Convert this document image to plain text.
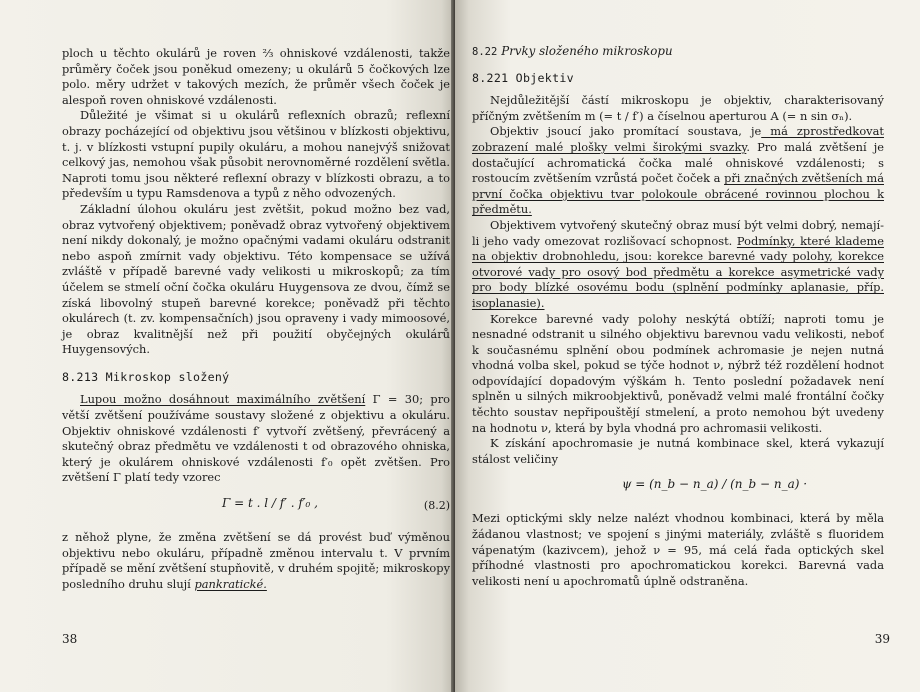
ploch u těchto okulárů je roven ⅔ ohniskové vzdálenosti, takže průměry čoček jsou poněkud omezeny; u okulárů 5 čočkových lze polo. měry udržet v takových mezích, že průměr všech čoček je alespoň roven ohniskové vzdálenosti.

Důležité je všimat si u okulárů reflexních obrazů; reflexní obrazy pocházející od objektivu jsou většinou v blízkosti objektivu, t. j. v blízkosti vstupní pupily okuláru, a mohou nanejvýš snižovat celkový jas, nemohou však působit nerovnoměrné rozdělení světla. Naproti tomu jsou některé reflexní obrazy v blízkosti obrazu, a to především u typu Ramsdenova a typů z něho odvozených.

Základní úlohou okuláru jest zvětšit, pokud možno bez vad, obraz vytvořený objektivem; poněvadž obraz vytvořený objektivem není nikdy dokonalý, je možno opačnými vadami okuláru odstranit nebo aspoň zmírnit vady objektivu. Této kompensace se užívá zvláště v případě barevné vady velikosti u mikroskopů; za tím účelem se stmelí oční čočka okuláru Huygensova ze dvou, čímž se získá libovolný stupeň barevné korekce; poněvadž při těchto okulárech (t. zv. kompensačních) jsou opraveny i vady mimoosové, je obraz kvalitnější než při použití obyčejných okulárů Huygensových.

8.213 Mikroskop složený

Lupou možno dosáhnout maximálního zvětšení Γ = 30; pro větší zvětšení používáme soustavy složené z objektivu a okuláru. Objektiv ohniskové vzdálenosti f′ vytvoří zvětšený, převrácený a skutečný obraz předmětu ve vzdálenosti t od obrazového ohniska, který je okulárem ohniskové vzdálenosti f′₀ opět zvětšen. Pro zvětšení Γ platí tedy vzorec

Γ = t . l / f′ . f′₀ ,	(8.2)

z něhož plyne, že změna zvětšení se dá provést buď výměnou objektivu nebo okuláru, případně změnou intervalu t. V prvním případě se mění zvětšení stupňovitě, v druhém spojitě; mikroskopy posledního druhu slují pankratické.

38
8.22 Prvky složeného mikroskopu
8.221 Objektiv

Nejdůležitější částí mikroskopu je objektiv, charakterisovaný příčným zvětšením m (= t / f′) a číselnou aperturou A (= n sin σₙ).

Objektiv jsoucí jako promítací soustava, je má zprostředkovat zobrazení malé plošky velmi širokými svazky. Pro malá zvětšení je dostačující achromatická čočka malé ohniskové vzdálenosti; s rostoucím zvětšením vzrůstá počet čoček a při značných zvětšeních má první čočka objektivu tvar polokoule obrácené rovinnou plochou k předmětu.

Objektivem vytvořený skutečný obraz musí být velmi dobrý, nemají-li jeho vady omezovat rozlišovací schopnost. Podmínky, které klademe na objektiv drobnohledu, jsou: korekce barevné vady polohy, korekce otvorové vady pro osový bod předmětu a korekce asymetrické vady pro body blízké osovému bodu (splnění podmínky aplanasie, příp. isoplanasie).

Korekce barevné vady polohy neskýtá obtíží; naproti tomu je nesnadné odstranit u silného objektivu barevnou vadu velikosti, neboť k současnému splnění obou podmínek achromasie je nejen nutná vhodná volba skel, pokud se týče hodnot ν, nýbrž též rozdělení hodnot odpovídající dopadovým výškám h. Tento poslední požadavek není splněn u silných mikroobjektivů, poněvadž velmi malé frontální čočky těchto soustav nepřipouštějí stmelení, a proto nemohou být uvedeny na hodnotu ν, která by byla vhodná pro achromasii velikosti.

K získání apochromasie je nutná kombinace skel, která vykazují stálost veličiny

ψ = (n_b − n_a) / (n_b − n_a) ·

Mezi optickými skly nelze nalézt vhodnou kombinaci, která by měla žádanou vlastnost; ve spojení s jinými materiály, zvláště s fluoridem vápenatým (kazivcem), jehož ν = 95, má celá řada optických skel příhodné vlastnosti pro apochromatickou korekci. Barevná vada velikosti není u apochromatů úplně odstraněna.

39
